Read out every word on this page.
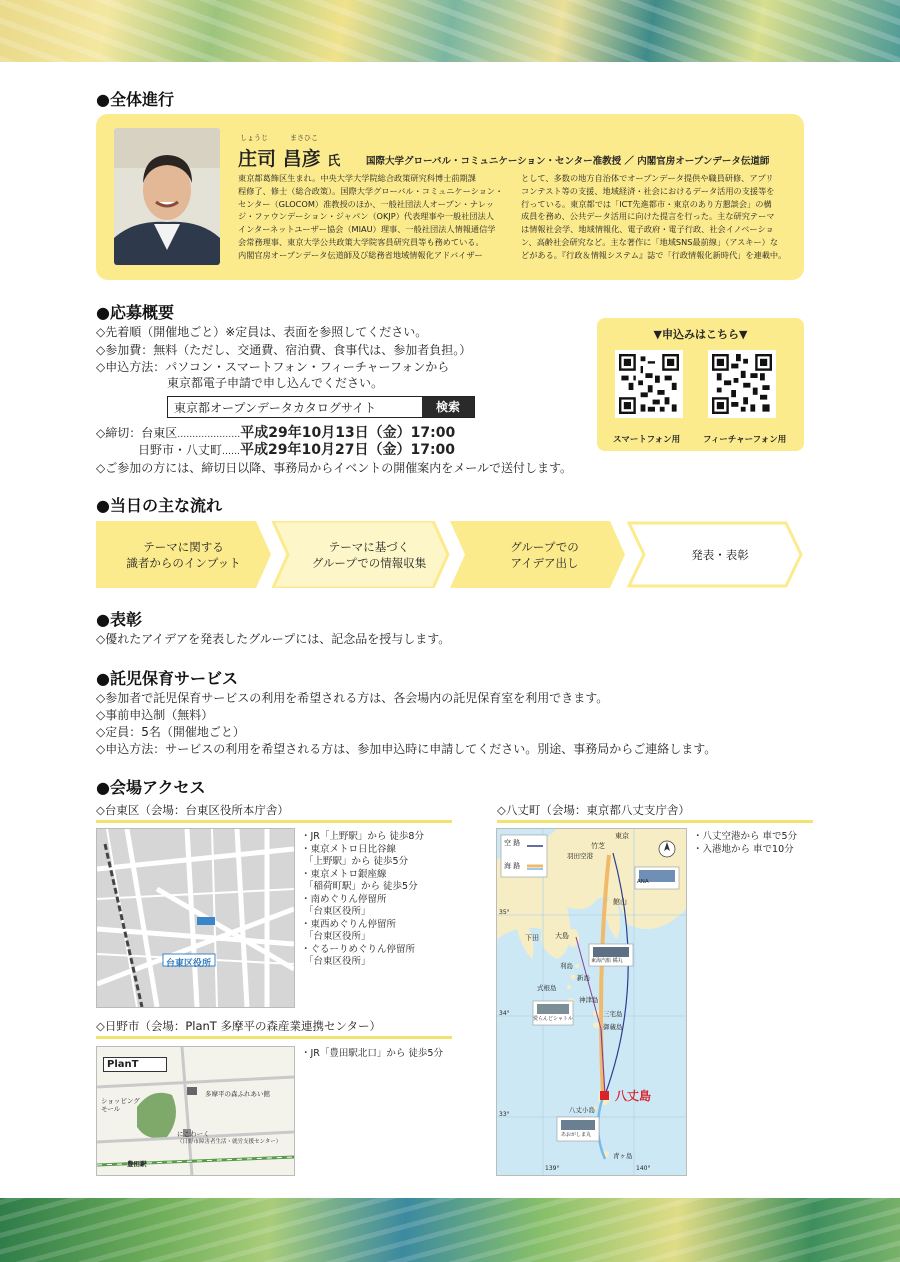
●全体進行
しょうじ	まさひこ
庄司 昌彦 氏	国際大学グローバル・コミュニケーション・センター准教授 ／ 内閣官房オープンデータ伝道師
東京都葛飾区生まれ。中央大学大学院総合政策研究科博士前期課
程修了、修士（総合政策）。国際大学グローバル・コミュニケーション・
センター（GLOCOM）准教授のほか、一般社団法人オープン・ナレッ
ジ・ファウンデーション・ジャパン（OKJP）代表理事や一般社団法人
インターネットユーザー協会（MIAU）理事、一般社団法人情報通信学
会常務理事、東京大学公共政策大学院客員研究員等も務めている。
内閣官房オープンデータ伝道師及び総務省地域情報化アドバイザー
として、多数の地方自治体でオープンデータ提供や職員研修、アプリ
コンテスト等の支援、地域経済・社会におけるデータ活用の支援等を
行っている。東京都では「ICT先進都市・東京のあり方懇談会」の構
成員を務め、公共データ活用に向けた提言を行った。主な研究テーマ
は情報社会学、地域情報化、電子政府・電子行政、社会イノベーショ
ン、高齢社会研究など。主な著作に「地域SNS最前線」（アスキー）な
どがある。『行政＆情報システム』誌で「行政情報化新時代」を連載中。
●応募概要
◇先着順（開催地ごと）※定員は、表面を参照してください。
◇参加費：無料（ただし、交通費、宿泊費、食事代は、参加者負担。）
◇申込方法：パソコン・スマートフォン・フィーチャーフォンから
東京都電子申請で申し込んでください。
東京都オープンデータカタログサイト	検索
◇締切：台東区…………………平成29年10月13日（金）17:00
日野市・八丈町……平成29年10月27日（金）17:00
◇ご参加の方には、締切日以降、事務局からイベントの開催案内をメールで送付します。
▼申込みはこちら▼
スマートフォン用	フィーチャーフォン用
●当日の主な流れ
テーマに関する
識者からのインプット
テーマに基づく
グループでの情報収集
グループでの
アイデア出し
発表・表彰
●表彰
◇優れたアイデアを発表したグループには、記念品を授与します。
●託児保育サービス
◇参加者で託児保育サービスの利用を希望される方は、各会場内の託児保育室を利用できます。
◇事前申込制（無料）
◇定員：5名（開催地ごと）
◇申込方法：サービスの利用を希望される方は、参加申込時に申請してください。別途、事務局からご連絡します。
●会場アクセス
◇台東区（会場：台東区役所本庁舎）
台東区役所
・JR「上野駅」から 徒歩8分
・東京メトロ日比谷線
「上野駅」から 徒歩5分
・東京メトロ銀座線
「稲荷町駅」から 徒歩5分
・南めぐりん停留所
「台東区役所」
・東西めぐりん停留所
「台東区役所」
・ぐるーりめぐりん停留所
「台東区役所」
◇日野市（会場：PlanT 多摩平の森産業連携センター）
PlanT
ショッピング
モール
多摩平の森ふれあい館
にこわーく
（日野市障害者生活・就労支援センター）
豊田駅
・JR「豊田駅北口」から 徒歩5分
◇八丈町（会場：東京都八丈支庁舎）
空 路
海 路
東京
竹芝
羽田空港
館山
大島
下田
利島
新島
式根島
神津島
三宅島
御蔵島
八丈島
八丈小島
青ヶ島
ANA
東海汽船 橘丸
愛らんどシャトル
あおがしま丸
35°
34°
33°
139°	140°
・八丈空港から 車で5分
・入港地から 車で10分
